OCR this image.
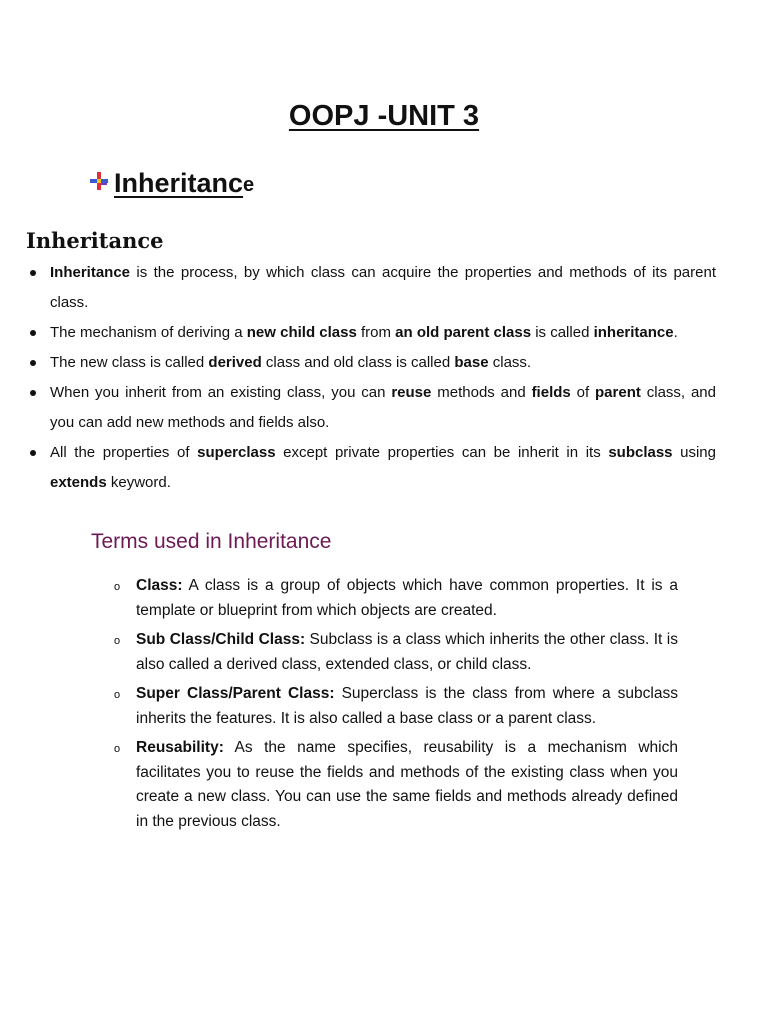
OOPJ -UNIT 3
Inheritanc e
Inheritance
Inheritance is the process, by which class can acquire the properties and methods of its parent class.
The mechanism of deriving a new child class from an old parent class is called inheritance.
The new class is called derived class and old class is called base class.
When you inherit from an existing class, you can reuse methods and fields of parent class, and you can add new methods and fields also.
All the properties of superclass except private properties can be inherit in its subclass using extends keyword.
Terms used in Inheritance
o Class: A class is a group of objects which have common properties. It is a template or blueprint from which objects are created.
o Sub Class/Child Class: Subclass is a class which inherits the other class. It is also called a derived class, extended class, or child class.
o Super Class/Parent Class: Superclass is the class from where a subclass inherits the features. It is also called a base class or a parent class.
o Reusability: As the name specifies, reusability is a mechanism which facilitates you to reuse the fields and methods of the existing class when you create a new class. You can use the same fields and methods already defined in the previous class.
